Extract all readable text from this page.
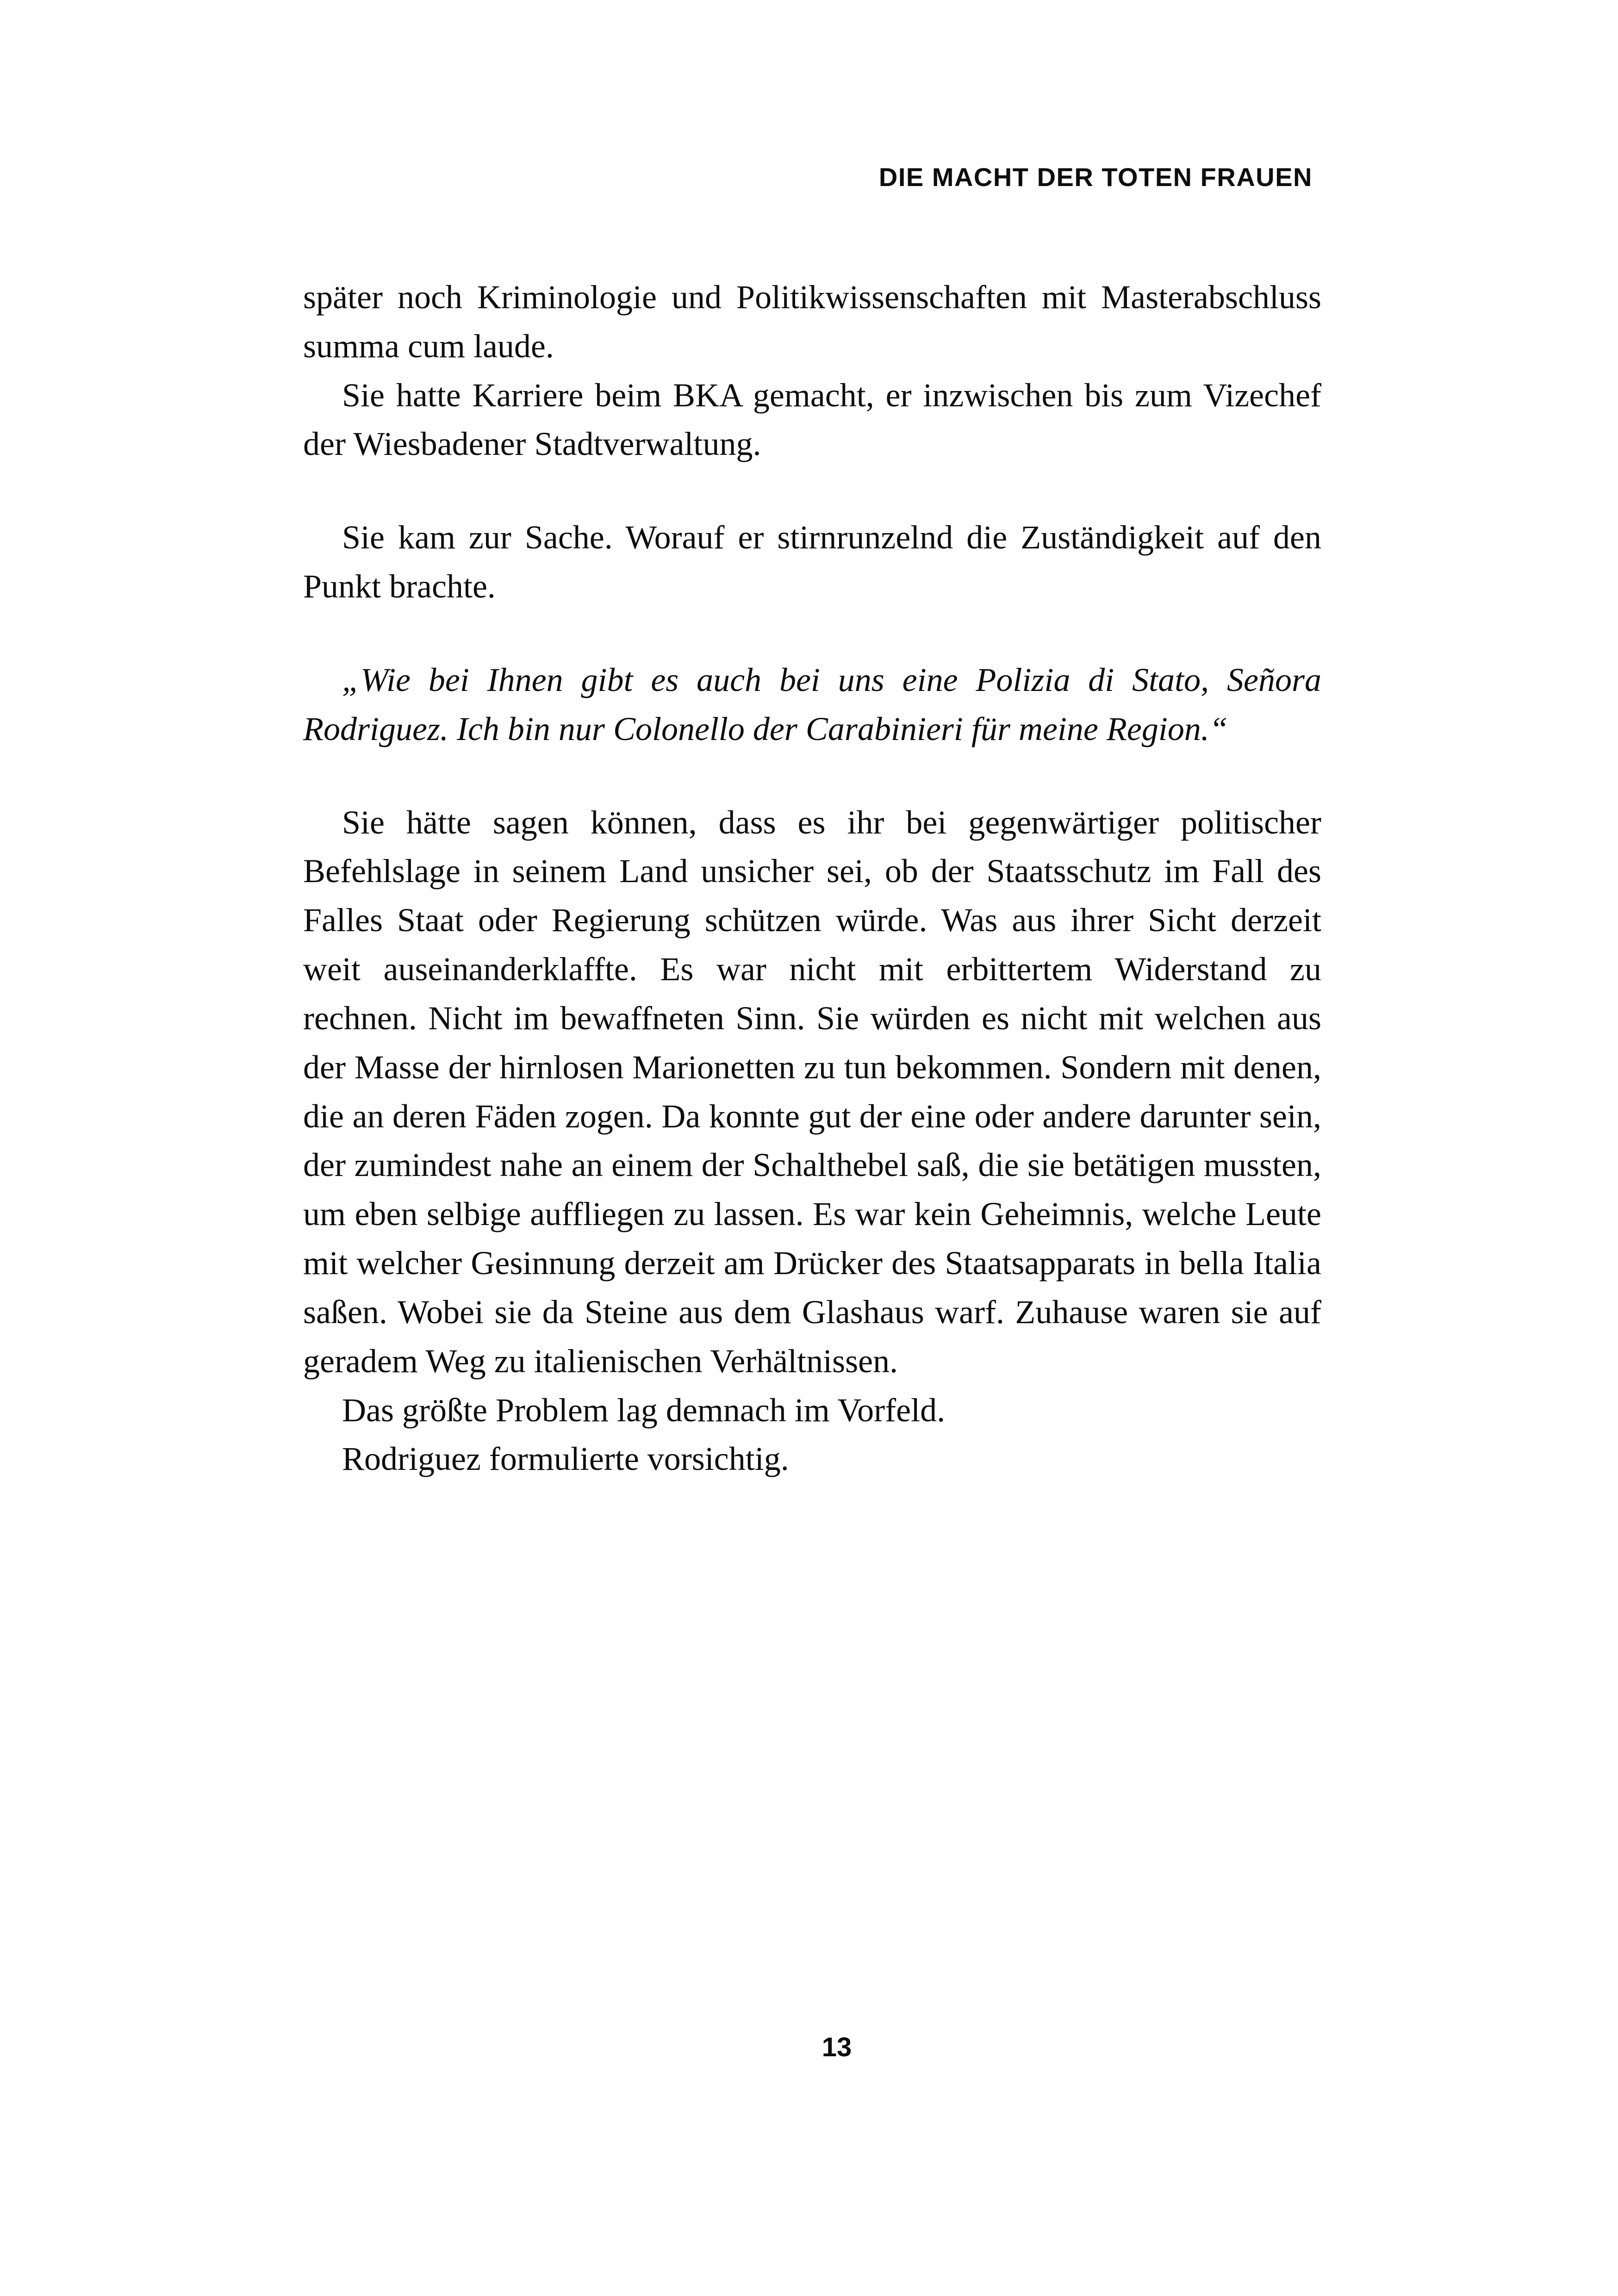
DIE MACHT DER TOTEN FRAUEN

später noch Kriminologie und Politikwissenschaften mit Masterabschluss summa cum laude.

Sie hatte Karriere beim BKA gemacht, er inzwischen bis zum Vizechef der Wiesbadener Stadtverwaltung.

Sie kam zur Sache. Worauf er stirnrunzelnd die Zuständigkeit auf den Punkt brachte.

„Wie bei Ihnen gibt es auch bei uns eine Polizia di Stato, Señora Rodriguez. Ich bin nur Colonello der Carabinieri für meine Region.“

Sie hätte sagen können, dass es ihr bei gegenwärtiger politischer Befehlslage in seinem Land unsicher sei, ob der Staatsschutz im Fall des Falles Staat oder Regierung schützen würde. Was aus ihrer Sicht derzeit weit auseinanderklaffte. Es war nicht mit erbittertem Widerstand zu rechnen. Nicht im bewaffneten Sinn. Sie würden es nicht mit welchen aus der Masse der hirnlosen Marionetten zu tun bekommen. Sondern mit denen, die an deren Fäden zogen. Da konnte gut der eine oder andere darunter sein, der zumindest nahe an einem der Schalthebel saß, die sie betätigen mussten, um eben selbige auffliegen zu lassen. Es war kein Geheimnis, welche Leute mit welcher Gesinnung derzeit am Drücker des Staatsapparats in bella Italia saßen. Wobei sie da Steine aus dem Glashaus warf. Zuhause waren sie auf geradem Weg zu italienischen Verhältnissen.

Das größte Problem lag demnach im Vorfeld.

Rodriguez formulierte vorsichtig.

13
